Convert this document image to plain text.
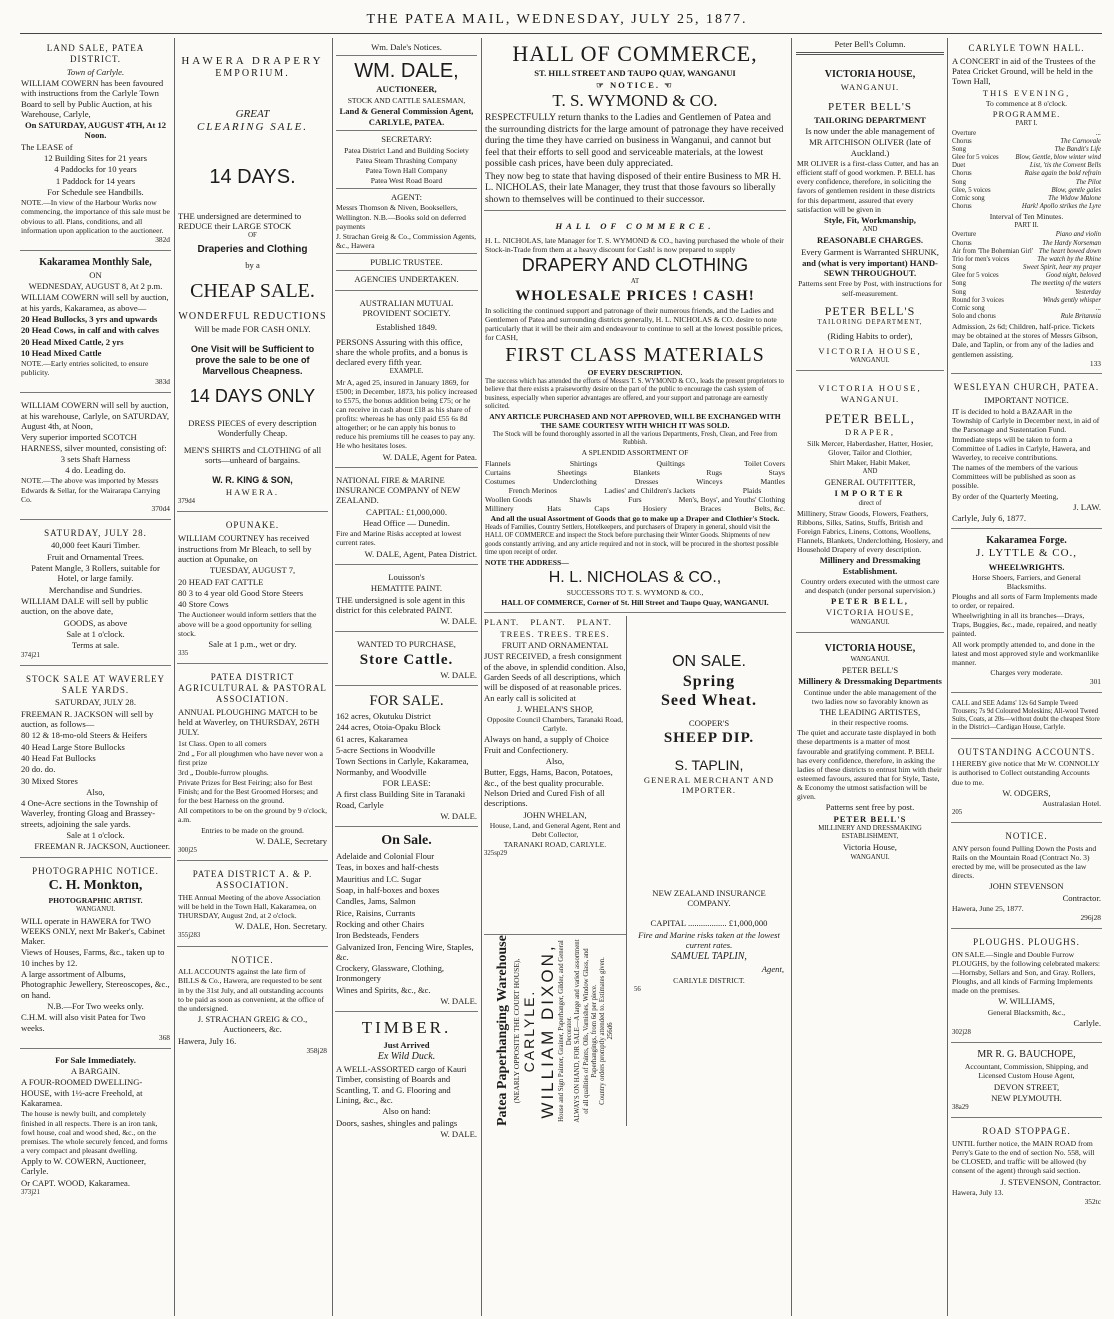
THE PATEA MAIL, WEDNESDAY, JULY 25, 1877.
LAND SALE, PATEA DISTRICT.

Town of Carlyle.

WILLIAM COWERN has been favoured with instructions from the Carlyle Town Board to sell by Public Auction, at his Warehouse, Carlyle,

On SATURDAY, AUGUST 4TH, At 12 Noon.

The LEASE of

12 Building Sites for 21 years

4 Paddocks for 10 years

1 Paddock for 14 years

For Schedule see Handbills.

NOTE.—In view of the Harbour Works now commencing, the importance of this sale must be obvious to all. Plans, conditions, and all information upon application to the auctioneer.

382d

Kakaramea Monthly Sale,

ON

WEDNESDAY, AUGUST 8, At 2 p.m.

WILLIAM COWERN will sell by auction, at his yards, Kakaramea, as above—

20 Head Bullocks, 3 yrs and upwards

20 Head Cows, in calf and with calves

20 Head Mixed Cattle, 2 yrs

10 Head Mixed Cattle

NOTE.—Early entries solicited, to ensure publicity.

383d

WILLIAM COWERN will sell by auction, at his warehouse, Carlyle, on SATURDAY, August 4th, at Noon,

Very superior imported SCOTCH HARNESS, silver mounted, consisting of:

3 sets Shaft Harness

4 do. Leading do.

NOTE.—The above was imported by Messrs Edwards & Sellar, for the Wairarapa Carrying Co.

370d4

SATURDAY, JULY 28.

40,000 feet Kauri Timber.

Fruit and Ornamental Trees.

Patent Mangle, 3 Rollers, suitable for Hotel, or large family.

Merchandise and Sundries.

WILLIAM DALE will sell by public auction, on the above date,

GOODS, as above

Sale at 1 o'clock.

Terms at sale.

374j21

STOCK SALE AT WAVERLEY SALE YARDS.

SATURDAY, JULY 28.

FREEMAN R. JACKSON will sell by auction, as follows—

80 12 & 18-mo-old Steers & Heifers

40 Head Large Store Bullocks

40 Head Fat Bullocks

20 do. do.

30 Mixed Stores

Also,

4 One-Acre sections in the Township of Waverley, fronting Gloag and Brassey-streets, adjoining the sale yards.

Sale at 1 o'clock.

FREEMAN R. JACKSON, Auctioneer.

PHOTOGRAPHIC NOTICE.
C. H. Monkton,

PHOTOGRAPHIC ARTIST.

WANGANUI.

WILL operate in HAWERA for TWO WEEKS ONLY, next Mr Baker's, Cabinet Maker.

Views of Houses, Farms, &c., taken up to 10 inches by 12.

A large assortment of Albums, Photographic Jewellery, Stereoscopes, &c., on hand.

N.B.—For Two weeks only.

C.H.M. will also visit Patea for Two weeks.

368

For Sale Immediately.

A BARGAIN.

A FOUR-ROOMED DWELLING-HOUSE, with 1½-acre Freehold, at Kakaramea.

The house is newly built, and completely finished in all respects. There is an iron tank, fowl house, coal and wood shed, &c., on the premises. The whole securely fenced, and forms a very compact and pleasant dwelling.

Apply to W. COWERN, Auctioneer, Carlyle.

Or CAPT. WOOD, Kakaramea.

373j21

HAWERA DRAPERY
EMPORIUM.
GREAT
CLEARING SALE.
14 DAYS.

THE undersigned are determined to REDUCE their LARGE STOCK

OF

Draperies and Clothing

by a

CHEAP SALE.
WONDERFUL REDUCTIONS

Will be made FOR CASH ONLY.

One Visit will be Sufficient to prove the sale to be one of Marvellous Cheapness.

14 DAYS ONLY

DRESS PIECES of every description Wonderfully Cheap.

MEN'S SHIRTS and CLOTHING of all sorts—unheard of bargains.

W. R. KING & SON,

HAWERA.

379d4

OPUNAKE.

WILLIAM COURTNEY has received instructions from Mr Bleach, to sell by auction at Opunake, on

TUESDAY, AUGUST 7,

20 HEAD FAT CATTLE

80 3 to 4 year old Good Store Steers

40 Store Cows

The Auctioneer would inform settlers that the above will be a good opportunity for selling stock.

Sale at 1 p.m., wet or dry.

335

PATEA DISTRICT AGRICULTURAL & PASTORAL ASSOCIATION.

ANNUAL PLOUGHING MATCH to be held at Waverley, on THURSDAY, 26TH JULY.

1st Class. Open to all comers

2nd „ For all ploughmen who have never won a first prize

3rd „ Double-furrow ploughs.

Private Prizes for Best Feiring; also for Best Finish; and for the Best Groomed Horses; and for the best Harness on the ground.

All competitors to be on the ground by 9 o'clock, a.m.

Entries to be made on the ground.

W. DALE, Secretary

300j25

PATEA DISTRICT A. & P. ASSOCIATION.

THE Annual Meeting of the above Association will be held in the Town Hall, Kakaramea, on THURSDAY, August 2nd, at 2 o'clock.

W. DALE, Hon. Secretary.

355j283

NOTICE.

ALL ACCOUNTS against the late firm of BILLS & Co., Hawera, are requested to be sent in by the 31st July, and all outstanding accounts to be paid as soon as convenient, at the office of the undersigned.

J. STRACHAN GREIG & CO., Auctioneers, &c.

Hawera, July 16.

358j28

Wm. Dale's Notices.

WM. DALE,

AUCTIONEER,

STOCK AND CATTLE SALESMAN,

Land & General Commission Agent,

CARLYLE, PATEA.

SECRETARY:

Patea District Land and Building Society

Patea Steam Thrashing Company

Patea Town Hall Company

Patea West Road Board

AGENT:

Messrs Thomson & Niven, Booksellers, Wellington. N.B.—Books sold on deferred payments

J. Strachan Greig & Co., Commission Agents, &c., Hawera

PUBLIC TRUSTEE.

AGENCIES UNDERTAKEN.

AUSTRALIAN MUTUAL PROVIDENT SOCIETY.

Established 1849.

PERSONS Assuring with this office, share the whole profits, and a bonus is declared every fifth year.

EXAMPLE.

Mr A, aged 25, insured in January 1869, for £500; in December, 1873, his policy increased to £575, the bonus addition being £75; or he can receive in cash about £18 as his share of profits: whereas he has only paid £55 6s 8d altogether; or he can apply his bonus to reduce his premiums till he ceases to pay any. He who hesitates loses.

W. DALE, Agent for Patea.

NATIONAL FIRE & MARINE INSURANCE COMPANY of NEW ZEALAND.

CAPITAL: £1,000,000.

Head Office — Dunedin.

Fire and Marine Risks accepted at lowest current rates.

W. DALE, Agent, Patea District.

Louisson's

HEMATITE PAINT.

THE undersigned is sole agent in this district for this celebrated PAINT.

W. DALE.

WANTED TO PURCHASE,

Store Cattle.

W. DALE.

FOR SALE.

162 acres, Okutuku District

244 acres, Otoia-Opaku Block

61 acres, Kakaramea

5-acre Sections in Woodville

Town Sections in Carlyle, Kakaramea, Normanby, and Woodville

FOR LEASE:

A first class Building Site in Taranaki Road, Carlyle

W. DALE.

On Sale.

Adelaide and Colonial Flour

Teas, in boxes and half-chests

Mauritius and I.C. Sugar

Soap, in half-boxes and boxes

Candles, Jams, Salmon

Rice, Raisins, Currants

Rocking and other Chairs

Iron Bedsteads, Fenders

Galvanized Iron, Fencing Wire, Staples, &c.

Crockery, Glassware, Clothing, Ironmongery

Wines and Spirits, &c., &c.

W. DALE.

TIMBER.

Just Arrived

Ex Wild Duck.

A WELL-ASSORTED cargo of Kauri Timber, consisting of Boards and Scantling, T. and G. Flooring and Lining, &c., &c.

Also on hand:

Doors, sashes, shingles and palings

W. DALE.

HALL OF COMMERCE,

ST. HILL STREET AND TAUPO QUAY, WANGANUI

☞ NOTICE. ☜

T. S. WYMOND & CO.

RESPECTFULLY return thanks to the Ladies and Gentlemen of Patea and the surrounding districts for the large amount of patronage they have received during the time they have carried on business in Wanganui, and cannot but feel that their efforts to sell good and serviceable materials, at the lowest possible cash prices, have been duly appreciated.

They now beg to state that having disposed of their entire Business to MR H. L. NICHOLAS, their late Manager, they trust that those favours so liberally shown to themselves will be continued to their successor.

HALL OF COMMERCE.

H. L. NICHOLAS, late Manager for T. S. WYMOND & CO., having purchased the whole of their Stock-in-Trade from them at a heavy discount for Cash! is now prepared to supply

DRAPERY AND CLOTHING

AT

WHOLESALE PRICES ! CASH!

In soliciting the continued support and patronage of their numerous friends, and the Ladies and Gentlemen of Patea and surrounding districts generally, H. L. NICHOLAS & CO. desire to note particularly that it will be their aim and endeavour to continue to sell at the lowest possible prices, for CASH,

FIRST CLASS MATERIALS

OF EVERY DESCRIPTION.

The success which has attended the efforts of Messrs T. S. WYMOND & CO., leads the present proprietors to believe that there exists a praiseworthy desire on the part of the public to encourage the cash system of business, especially when superior advantages are offered, and your support and patronage are earnestly solicited.

ANY ARTICLE PURCHASED AND NOT APPROVED, WILL BE EXCHANGED WITH THE SAME COURTESY WITH WHICH IT WAS SOLD.

The Stock will be found thoroughly assorted in all the various Departments, Fresh, Clean, and Free from Rubbish.

A SPLENDID ASSORTMENT OF

Flannels	Shirtings	Quiltings	Toilet Covers
Curtains	Sheetings	Blankets	Rugs	Stays
Costumes	Underclothing	Dresses	Winceys	Mantles
French Merinos	Ladies' and Children's Jackets	Plaids
Woollen Goods	Shawls	Furs	Men's, Boys', and Youths' Clothing
Millinery	Hats	Caps	Hosiery	Braces	Belts, &c.

And all the usual Assortment of Goods that go to make up a Draper and Clothier's Stock.

Heads of Families, Country Settlers, Hotelkeepers, and purchasers of Drapery in general, should visit the HALL OF COMMERCE and inspect the Stock before purchasing their Winter Goods. Shipments of new goods constantly arriving, and any article required and not in stock, will be procured in the shortest possible time upon receipt of order.

NOTE THE ADDRESS—

H. L. NICHOLAS & CO.,

SUCCESSORS TO T. S. WYMOND & CO.,

HALL OF COMMERCE, Corner of St. Hill Street and Taupo Quay, WANGANUI.

PLANT. PLANT. PLANT.

TREES. TREES. TREES.

FRUIT AND ORNAMENTAL

JUST RECEIVED, a fresh consignment of the above, in splendid condition. Also, Garden Seeds of all descriptions, which will be disposed of at reasonable prices. An early call is solicited at

J. WHELAN'S SHOP,

Opposite Council Chambers, Taranaki Road, Carlyle.

Always on hand, a supply of Choice Fruit and Confectionery.

Also,

Butter, Eggs, Hams, Bacon, Potatoes, &c., of the best quality procurable. Nelson Dried and Cured Fish of all descriptions.

JOHN WHELAN,

House, Land, and General Agent, Rent and Debt Collector,

TARANAKI ROAD, CARLYLE.

325sp29

Patea Paperhanging Warehouse (NEARLY OPPOSITE THE COURT HOUSE), CARLYLE. WILLIAM DIXON, House and Sign Painter, Grainer, Paperhanger, Gilder, and General Decorator. ALWAYS ON HAND, FOR SALE—A large and varied assortment of all qualities of Paints, Oils, Varnishes, Window Glass, and Paperhangings, from 6d per piece. Country orders promptly attended to. Estimates given. 256d6
ON SALE.
Spring
Seed Wheat.

COOPER'S

SHEEP DIP.
S. TAPLIN,

GENERAL MERCHANT AND IMPORTER.

NEW ZEALAND INSURANCE COMPANY.

CAPITAL .................. £1,000,000

Fire and Marine risks taken at the lowest current rates.

SAMUEL TAPLIN,

Agent,

CARLYLE DISTRICT.

56

Peter Bell's Column.

VICTORIA HOUSE,

WANGANUI.

PETER BELL'S

TAILORING DEPARTMENT

Is now under the able management of

MR AITCHISON OLIVER (late of Auckland.)

MR OLIVER is a first-class Cutter, and has an efficient staff of good workmen. P. BELL has every confidence, therefore, in soliciting the favors of gentlemen resident in these districts for this department, assured that every satisfaction will be given in

Style, Fit, Workmanship,

AND

REASONABLE CHARGES.

Every Garment is Warranted SHRUNK,

and (what is very important) HAND-SEWN THROUGHOUT.

Patterns sent Free by Post, with instructions for self-measurement.

PETER BELL'S

TAILORING DEPARTMENT,

(Riding Habits to order),

VICTORIA HOUSE,

WANGANUI.

VICTORIA HOUSE,

WANGANUI.

PETER BELL,

DRAPER,

Silk Mercer, Haberdasher, Hatter, Hosier, Glover, Tailor and Clothier,

Shirt Maker, Habit Maker,

AND

GENERAL OUTFITTER,

IMPORTER

direct of

Millinery, Straw Goods, Flowers, Feathers, Ribbons, Silks, Satins, Stuffs, British and Foreign Fabrics, Linens, Cottons, Woollens, Flannels, Blankets, Underclothing, Hosiery, and Household Drapery of every description.

Millinery and Dressmaking Establishment.

Country orders executed with the utmost care and despatch (under personal supervision.)

PETER BELL,

VICTORIA HOUSE,

WANGANUI.

VICTORIA HOUSE,

WANGANUI.

PETER BELL'S

Millinery & Dressmaking Departments

Continue under the able management of the two ladies now so favorably known as

THE LEADING ARTISTES,

in their respective rooms.

The quiet and accurate taste displayed in both these departments is a matter of most favourable and gratifying comment. P. BELL has every confidence, therefore, in asking the ladies of these districts to entrust him with their esteemed favours, assured that for Style, Taste, & Economy the utmost satisfaction will be given.

Patterns sent free by post.

PETER BELL'S

MILLINERY AND DRESSMAKING ESTABLISHMENT,

Victoria House,

WANGANUI.

CARLYLE TOWN HALL.

A CONCERT in aid of the Trustees of the Patea Cricket Ground, will be held in the Town Hall,

THIS EVENING,

To commence at 8 o'clock.

PROGRAMME.

PART I.

Overture	...
Chorus	The Carnovale
Song	The Bandit's Life
Glee for 5 voices Blow, Gentle, blow winter wind
Duet	List, 'tis the Convent Bells
Chorus	Raise again the bold refrain
Song	The Pilot
Glee, 5 voices	Blow, gentle gales
Comic song	The Widow Malone
Chorus	Hark! Apollo strikes the Lyre

Interval of Ten Minutes.

PART II.

Overture	Piano and violin
Chorus	The Hardy Norseman
Air from 'The Bohemian Girl' The heart bowed down
Trio for men's voices	The watch by the Rhine
Song	Sweet Spirit, hear my prayer
Glee for 5 voices	Good night, beloved
Song	The meeting of the waters
Song	Yesterday
Round for 3 voices	Winds gently whisper
Comic song	...
Solo and chorus	Rule Britannia

Admission, 2s 6d; Children, half-price. Tickets may be obtained at the stores of Messrs Gibson, Dale, and Taplin, or from any of the ladies and gentlemen assisting.

133

WESLEYAN CHURCH, PATEA.

IMPORTANT NOTICE.

IT is decided to hold a BAZAAR in the Township of Carlyle in December next, in aid of the Parsonage and Sustentation Fund.

Immediate steps will be taken to form a Committee of Ladies in Carlyle, Hawera, and Waverley, to receive contributions.

The names of the members of the various Committees will be published as soon as possible.

By order of the Quarterly Meeting,

J. LAW.

Carlyle, July 6, 1877.

Kakaramea Forge.
J. LYTTLE & CO.,

WHEELWRIGHTS.

Horse Shoers, Farriers, and General Blacksmiths.

Ploughs and all sorts of Farm Implements made to order, or repaired.

Wheelwrighting in all its branches—Drays, Traps, Buggies, &c., made, repaired, and neatly painted.

All work promptly attended to, and done in the latest and most approved style and workmanlike manner.

Charges very moderate.

301

CALL and SEE Adams' 12s 6d Sample Tweed Trousers; 7s 9d Coloured Moleskins; All-wool Tweed Suits, Coats, at 20s—without doubt the cheapest Store in the District—Cardigan House, Carlyle.

OUTSTANDING ACCOUNTS.

I HEREBY give notice that Mr W. CONNOLLY is authorised to Collect outstanding Accounts due to me.

W. ODGERS,

Australasian Hotel.

205

NOTICE.

ANY person found Pulling Down the Posts and Rails on the Mountain Road (Contract No. 3) erected by me, will be prosecuted as the law directs.

JOHN STEVENSON

Contractor.

Hawera, June 25, 1877.

296j28

PLOUGHS. PLOUGHS.

ON SALE.—Single and Double Furrow PLOUGHS, by the following celebrated makers:—Hornsby, Sellars and Son, and Gray. Rollers, Ploughs, and all kinds of Farming Implements made on the premises.

W. WILLIAMS,

General Blacksmith, &c.,

Carlyle.

302j28

MR R. G. BAUCHOPE,

Accountant, Commission, Shipping, and Licensed Custom House Agent,

DEVON STREET,

NEW PLYMOUTH.

38a29

ROAD STOPPAGE.

UNTIL further notice, the MAIN ROAD from Perry's Gate to the end of section No. 558, will be CLOSED, and traffic will be allowed (by consent of the agent) through said section.

J. STEVENSON, Contractor.

Hawera, July 13.

352tc
